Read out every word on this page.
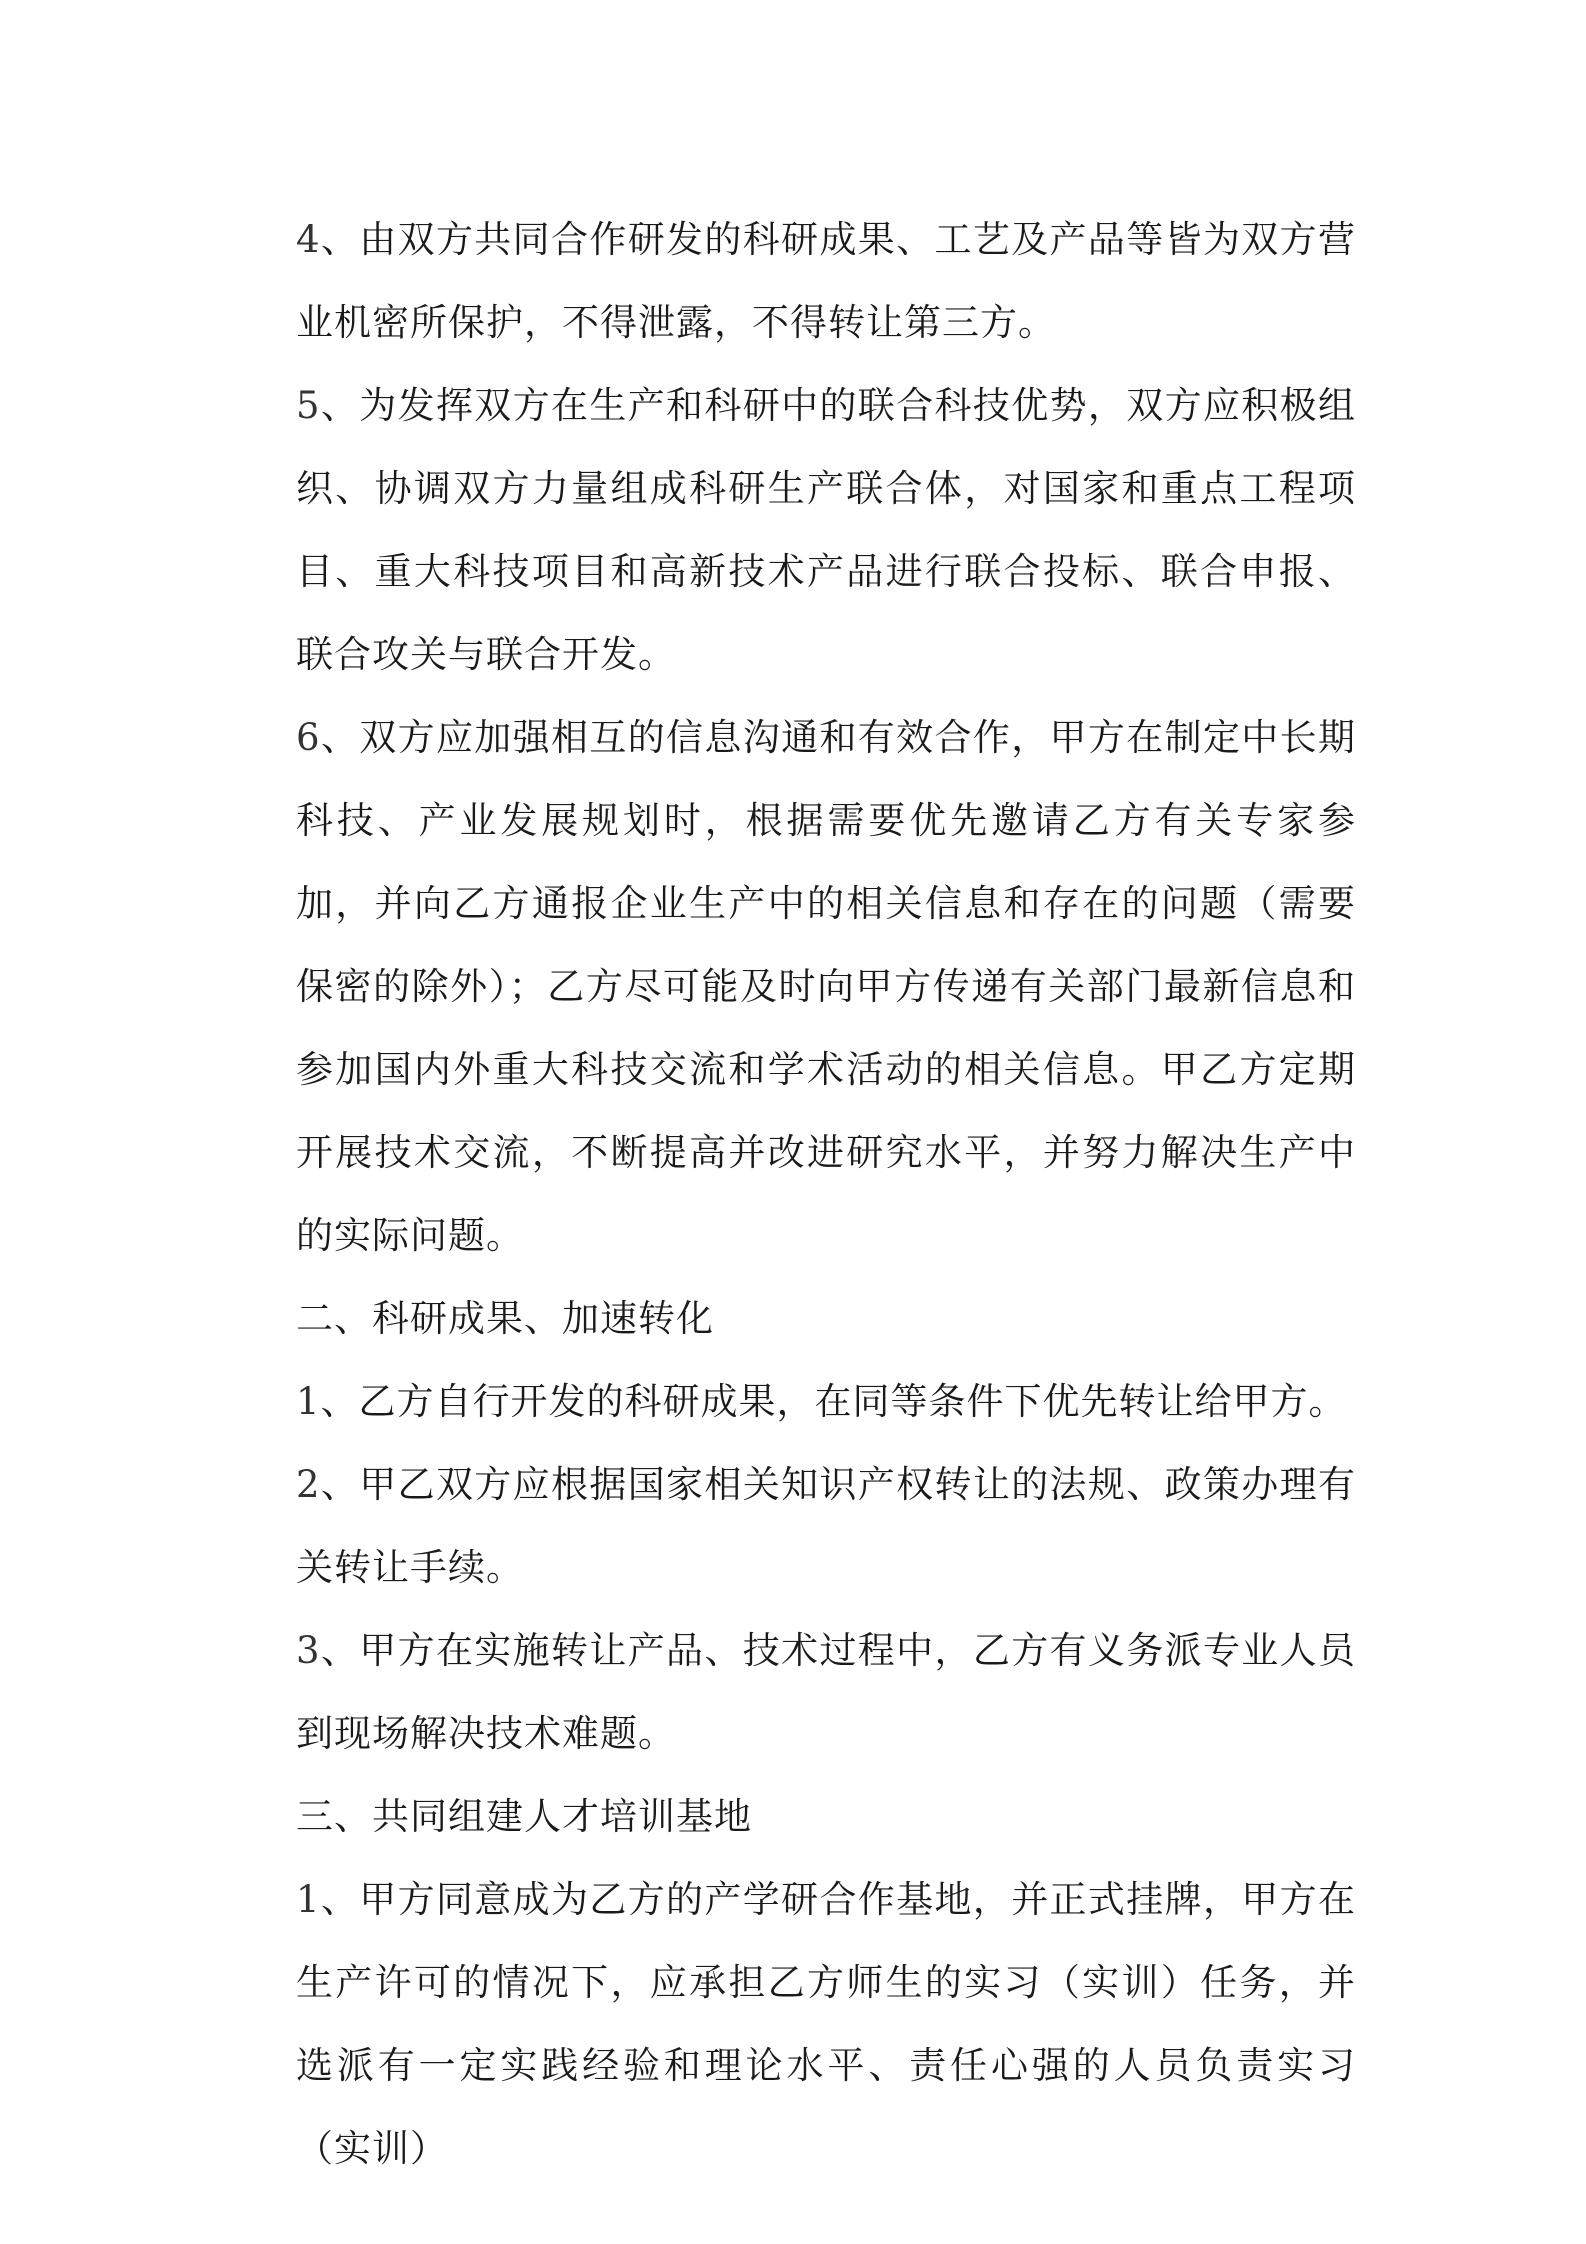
4、由双方共同合作研发的科研成果、工艺及产品等皆为双方营业机密所保护，不得泄露，不得转让第三方。

5、为发挥双方在生产和科研中的联合科技优势，双方应积极组织、协调双方力量组成科研生产联合体，对国家和重点工程项目、重大科技项目和高新技术产品进行联合投标、联合申报、联合攻关与联合开发。

6、双方应加强相互的信息沟通和有效合作，甲方在制定中长期科技、产业发展规划时，根据需要优先邀请乙方有关专家参加，并向乙方通报企业生产中的相关信息和存在的问题（需要保密的除外）；乙方尽可能及时向甲方传递有关部门最新信息和参加国内外重大科技交流和学术活动的相关信息。甲乙方定期开展技术交流，不断提高并改进研究水平，并努力解决生产中的实际问题。

二、科研成果、加速转化

1、乙方自行开发的科研成果，在同等条件下优先转让给甲方。

2、甲乙双方应根据国家相关知识产权转让的法规、政策办理有关转让手续。

3、甲方在实施转让产品、技术过程中，乙方有义务派专业人员到现场解决技术难题。

三、共同组建人才培训基地

1、甲方同意成为乙方的产学研合作基地，并正式挂牌，甲方在生产许可的情况下，应承担乙方师生的实习（实训）任务，并选派有一定实践经验和理论水平、责任心强的人员负责实习（实训）
